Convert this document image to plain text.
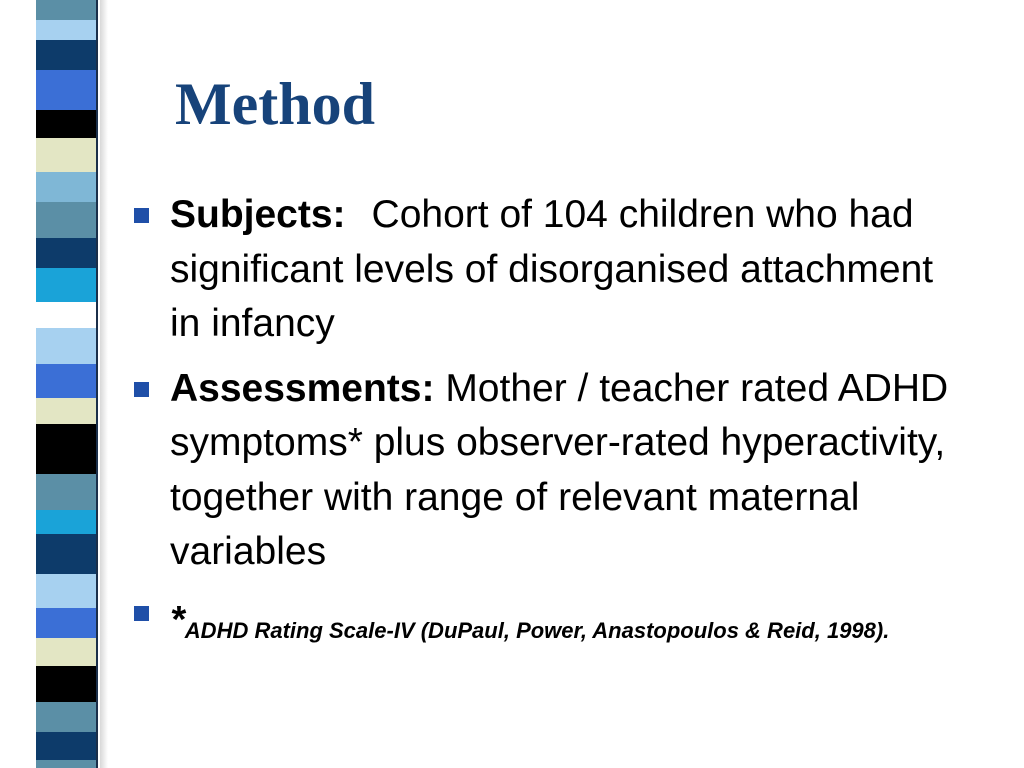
Method
Subjects: Cohort of 104 children who had significant levels of disorganised attachment in infancy
Assessments: Mother / teacher rated ADHD symptoms* plus observer-rated hyperactivity, together with range of relevant maternal variables
*ADHD Rating Scale-IV (DuPaul, Power, Anastopoulos & Reid, 1998).
